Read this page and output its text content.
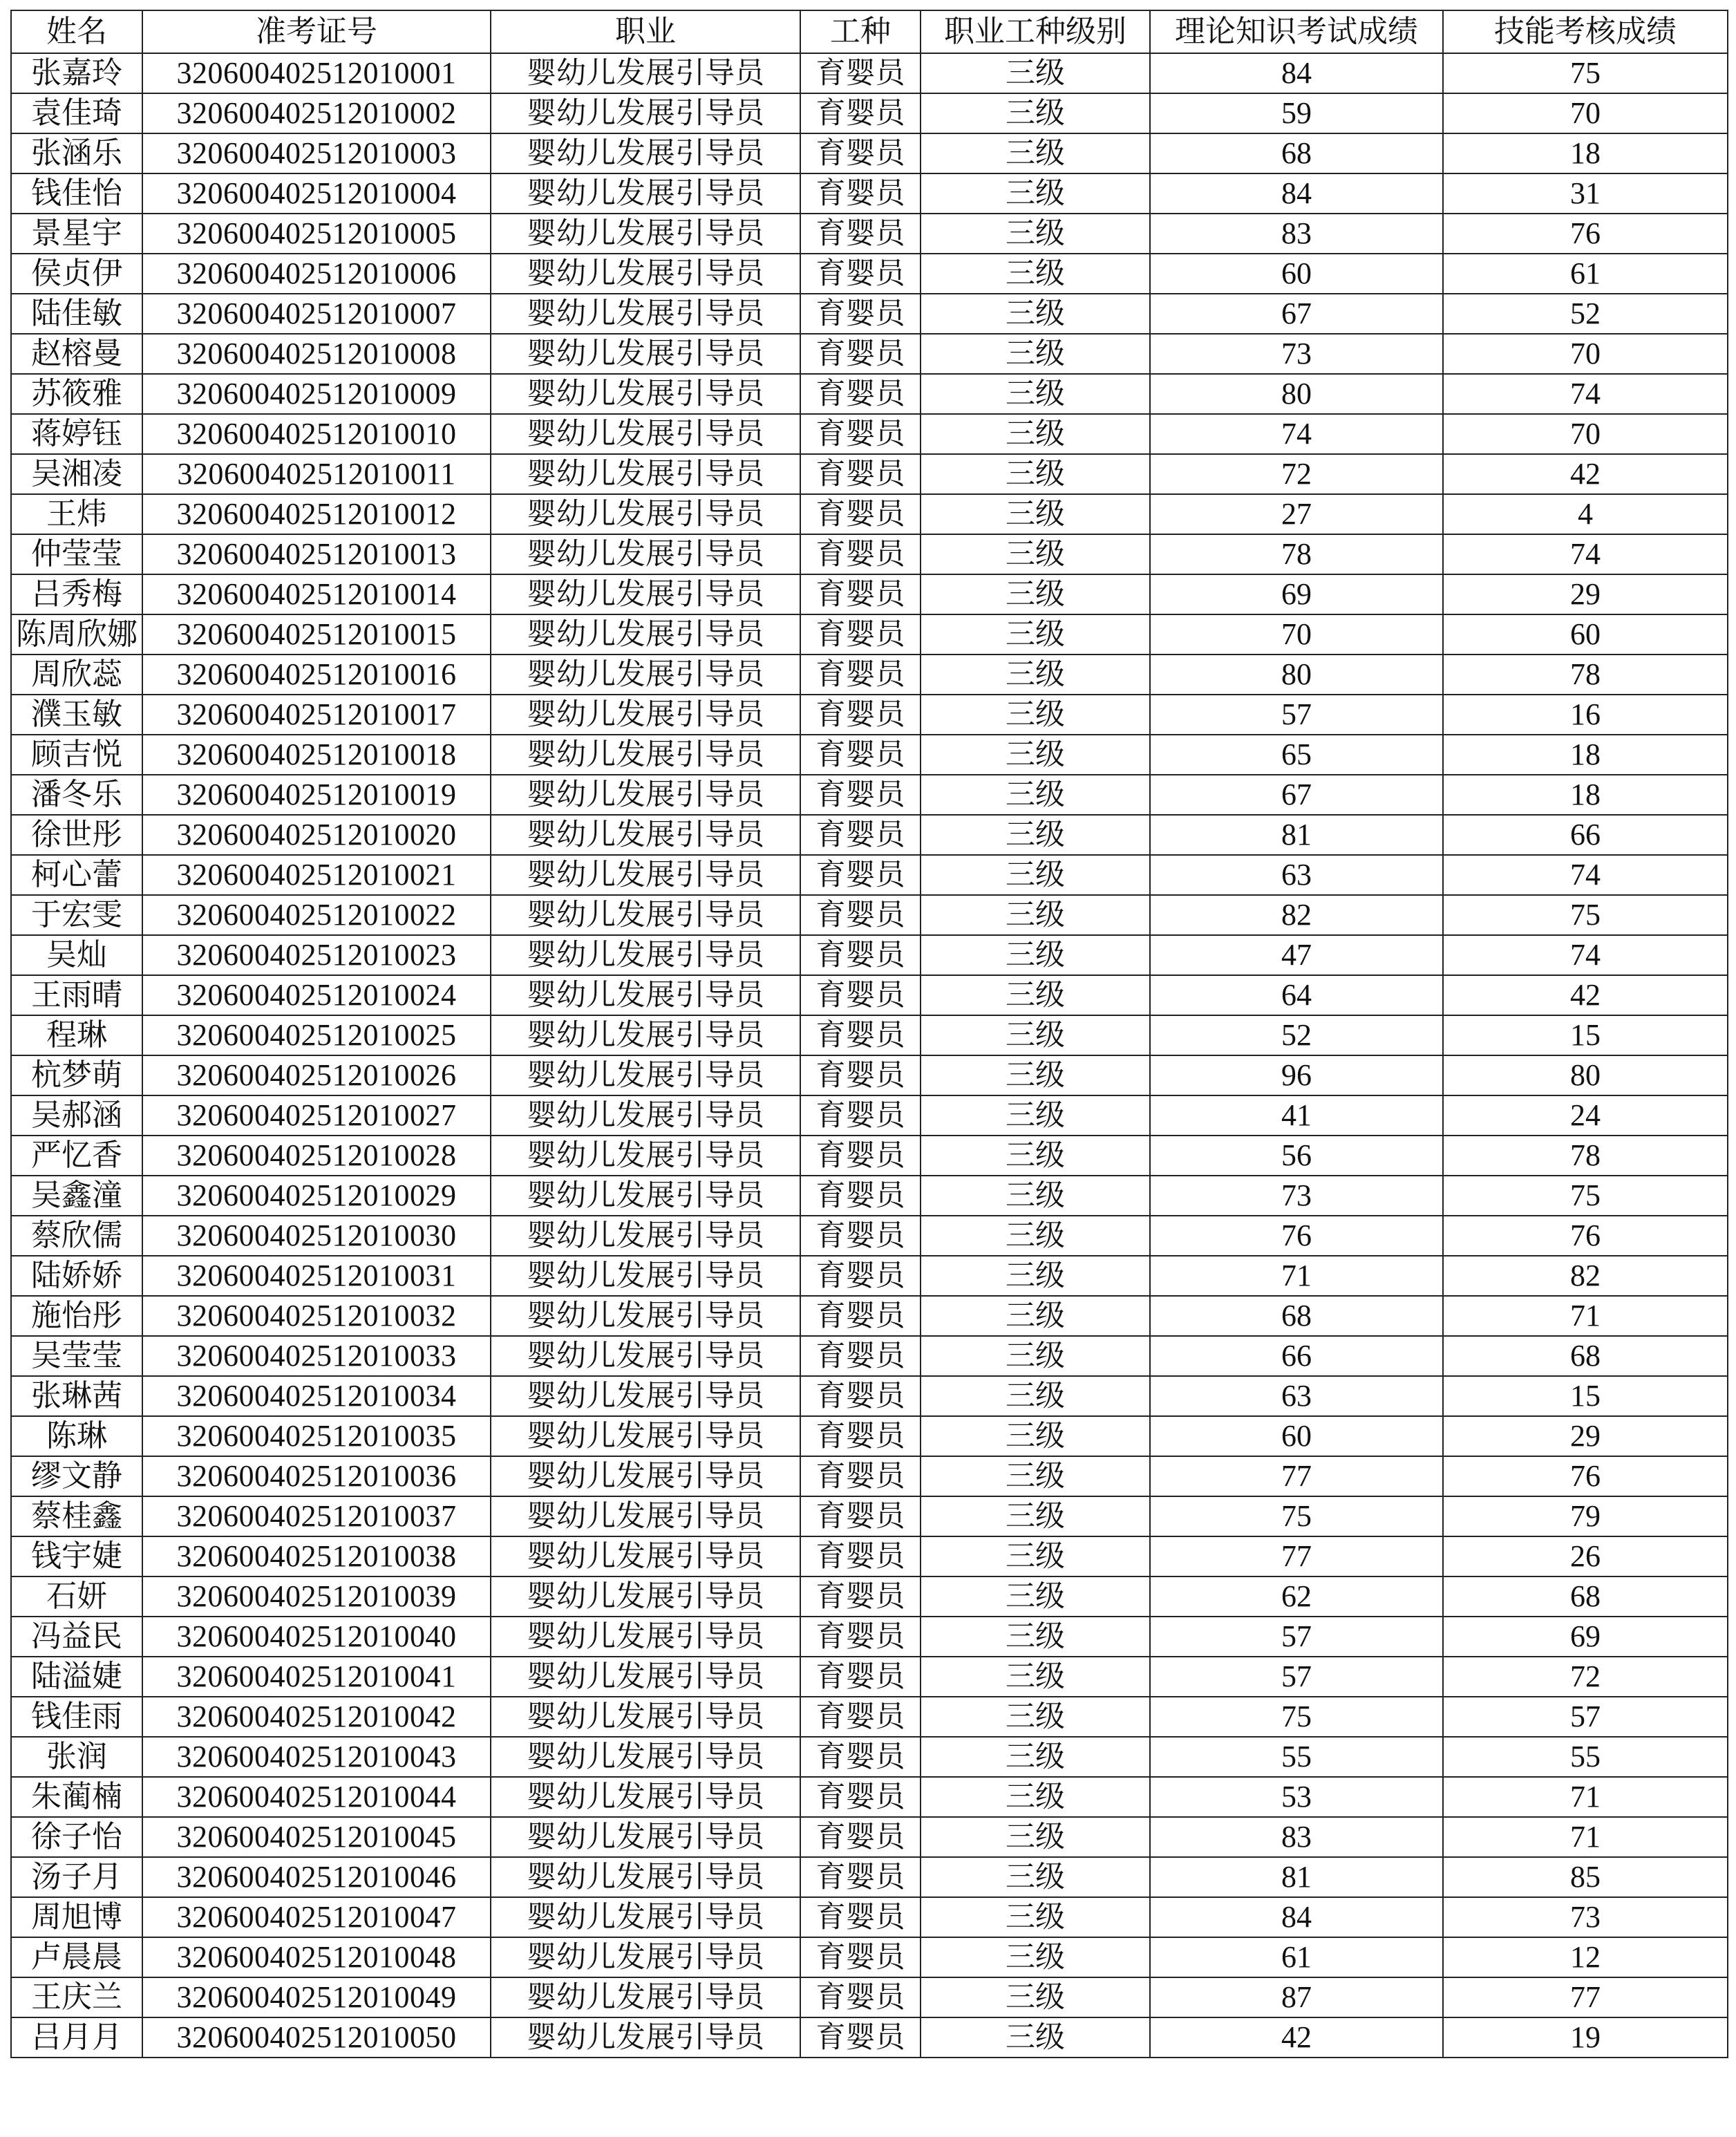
姓名	准考证号	职业	工种	职业工种级别	理论知识考试成绩	技能考核成绩
张嘉玲	320600402512010001	婴幼儿发展引导员	育婴员	三级	84	75
袁佳琦	320600402512010002	婴幼儿发展引导员	育婴员	三级	59	70
张涵乐	320600402512010003	婴幼儿发展引导员	育婴员	三级	68	18
钱佳怡	320600402512010004	婴幼儿发展引导员	育婴员	三级	84	31
景星宇	320600402512010005	婴幼儿发展引导员	育婴员	三级	83	76
侯贞伊	320600402512010006	婴幼儿发展引导员	育婴员	三级	60	61
陆佳敏	320600402512010007	婴幼儿发展引导员	育婴员	三级	67	52
赵榕曼	320600402512010008	婴幼儿发展引导员	育婴员	三级	73	70
苏筱雅	320600402512010009	婴幼儿发展引导员	育婴员	三级	80	74
蒋婷钰	320600402512010010	婴幼儿发展引导员	育婴员	三级	74	70
吴湘凌	320600402512010011	婴幼儿发展引导员	育婴员	三级	72	42
王炜	320600402512010012	婴幼儿发展引导员	育婴员	三级	27	4
仲莹莹	320600402512010013	婴幼儿发展引导员	育婴员	三级	78	74
吕秀梅	320600402512010014	婴幼儿发展引导员	育婴员	三级	69	29
陈周欣娜	320600402512010015	婴幼儿发展引导员	育婴员	三级	70	60
周欣蕊	320600402512010016	婴幼儿发展引导员	育婴员	三级	80	78
濮玉敏	320600402512010017	婴幼儿发展引导员	育婴员	三级	57	16
顾吉悦	320600402512010018	婴幼儿发展引导员	育婴员	三级	65	18
潘冬乐	320600402512010019	婴幼儿发展引导员	育婴员	三级	67	18
徐世彤	320600402512010020	婴幼儿发展引导员	育婴员	三级	81	66
柯心蕾	320600402512010021	婴幼儿发展引导员	育婴员	三级	63	74
于宏雯	320600402512010022	婴幼儿发展引导员	育婴员	三级	82	75
吴灿	320600402512010023	婴幼儿发展引导员	育婴员	三级	47	74
王雨晴	320600402512010024	婴幼儿发展引导员	育婴员	三级	64	42
程琳	320600402512010025	婴幼儿发展引导员	育婴员	三级	52	15
杭梦萌	320600402512010026	婴幼儿发展引导员	育婴员	三级	96	80
吴郝涵	320600402512010027	婴幼儿发展引导员	育婴员	三级	41	24
严忆香	320600402512010028	婴幼儿发展引导员	育婴员	三级	56	78
吴鑫潼	320600402512010029	婴幼儿发展引导员	育婴员	三级	73	75
蔡欣儒	320600402512010030	婴幼儿发展引导员	育婴员	三级	76	76
陆娇娇	320600402512010031	婴幼儿发展引导员	育婴员	三级	71	82
施怡彤	320600402512010032	婴幼儿发展引导员	育婴员	三级	68	71
吴莹莹	320600402512010033	婴幼儿发展引导员	育婴员	三级	66	68
张琳茜	320600402512010034	婴幼儿发展引导员	育婴员	三级	63	15
陈琳	320600402512010035	婴幼儿发展引导员	育婴员	三级	60	29
缪文静	320600402512010036	婴幼儿发展引导员	育婴员	三级	77	76
蔡桂鑫	320600402512010037	婴幼儿发展引导员	育婴员	三级	75	79
钱宇婕	320600402512010038	婴幼儿发展引导员	育婴员	三级	77	26
石妍	320600402512010039	婴幼儿发展引导员	育婴员	三级	62	68
冯益民	320600402512010040	婴幼儿发展引导员	育婴员	三级	57	69
陆溢婕	320600402512010041	婴幼儿发展引导员	育婴员	三级	57	72
钱佳雨	320600402512010042	婴幼儿发展引导员	育婴员	三级	75	57
张润	320600402512010043	婴幼儿发展引导员	育婴员	三级	55	55
朱蔺楠	320600402512010044	婴幼儿发展引导员	育婴员	三级	53	71
徐子怡	320600402512010045	婴幼儿发展引导员	育婴员	三级	83	71
汤子月	320600402512010046	婴幼儿发展引导员	育婴员	三级	81	85
周旭博	320600402512010047	婴幼儿发展引导员	育婴员	三级	84	73
卢晨晨	320600402512010048	婴幼儿发展引导员	育婴员	三级	61	12
王庆兰	320600402512010049	婴幼儿发展引导员	育婴员	三级	87	77
吕月月	320600402512010050	婴幼儿发展引导员	育婴员	三级	42	19
